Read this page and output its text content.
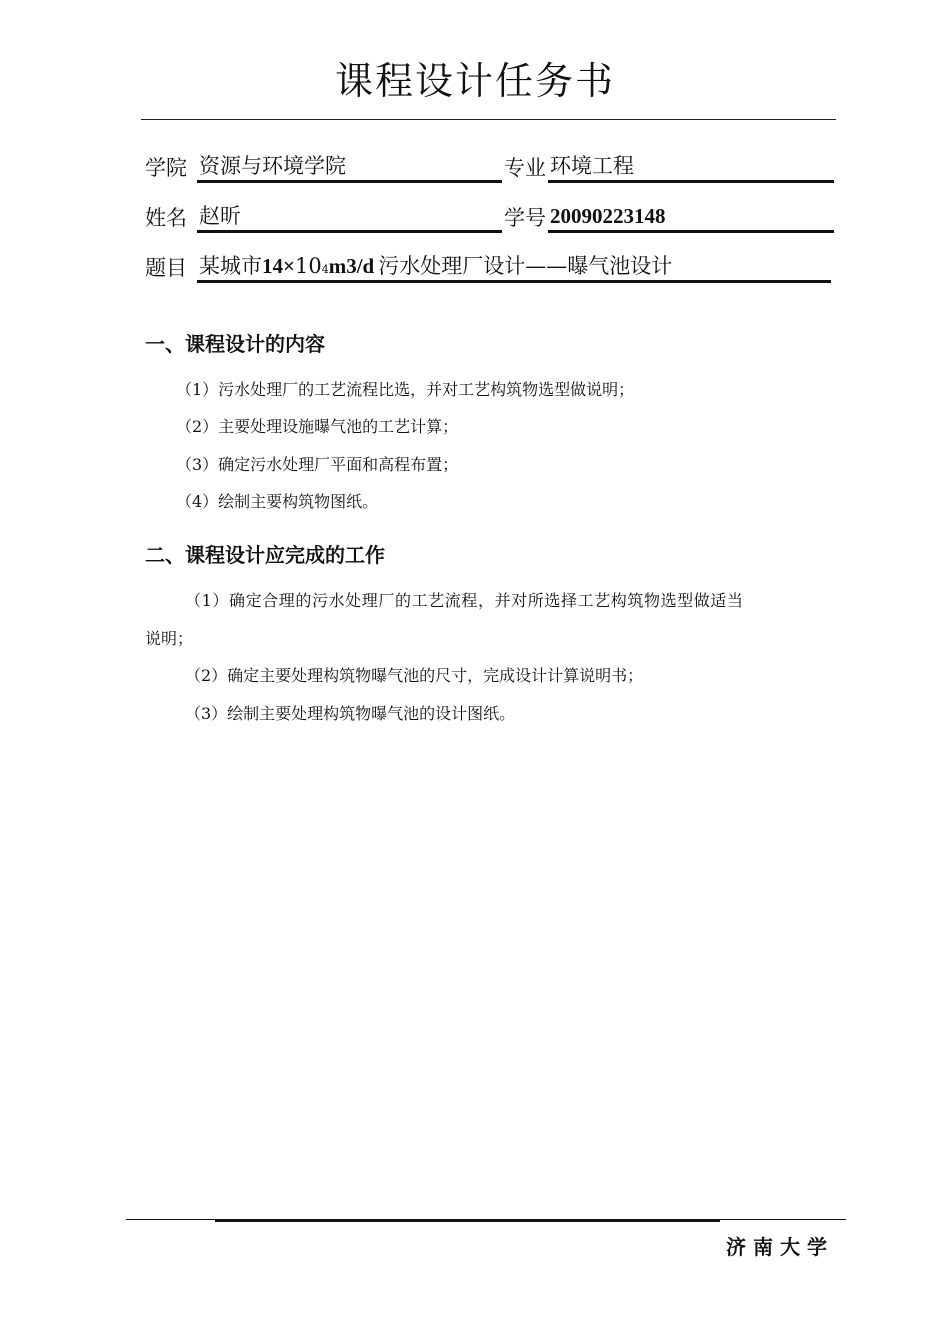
课程设计任务书
学院 资源与环境学院	专业 环境工程
姓名 赵昕	学号 20090223148
题目 某城市14×104m3/d 污水处理厂设计——曝气池设计
一、课程设计的内容
（1）污水处理厂的工艺流程比选，并对工艺构筑物选型做说明；
（2）主要处理设施曝气池的工艺计算；
（3）确定污水处理厂平面和高程布置；
（4）绘制主要构筑物图纸。
二、课程设计应完成的工作
（1）确定合理的污水处理厂的工艺流程，并对所选择工艺构筑物选型做适当
说明；
（2）确定主要处理构筑物曝气池的尺寸，完成设计计算说明书；
（3）绘制主要处理构筑物曝气池的设计图纸。
济南大学
